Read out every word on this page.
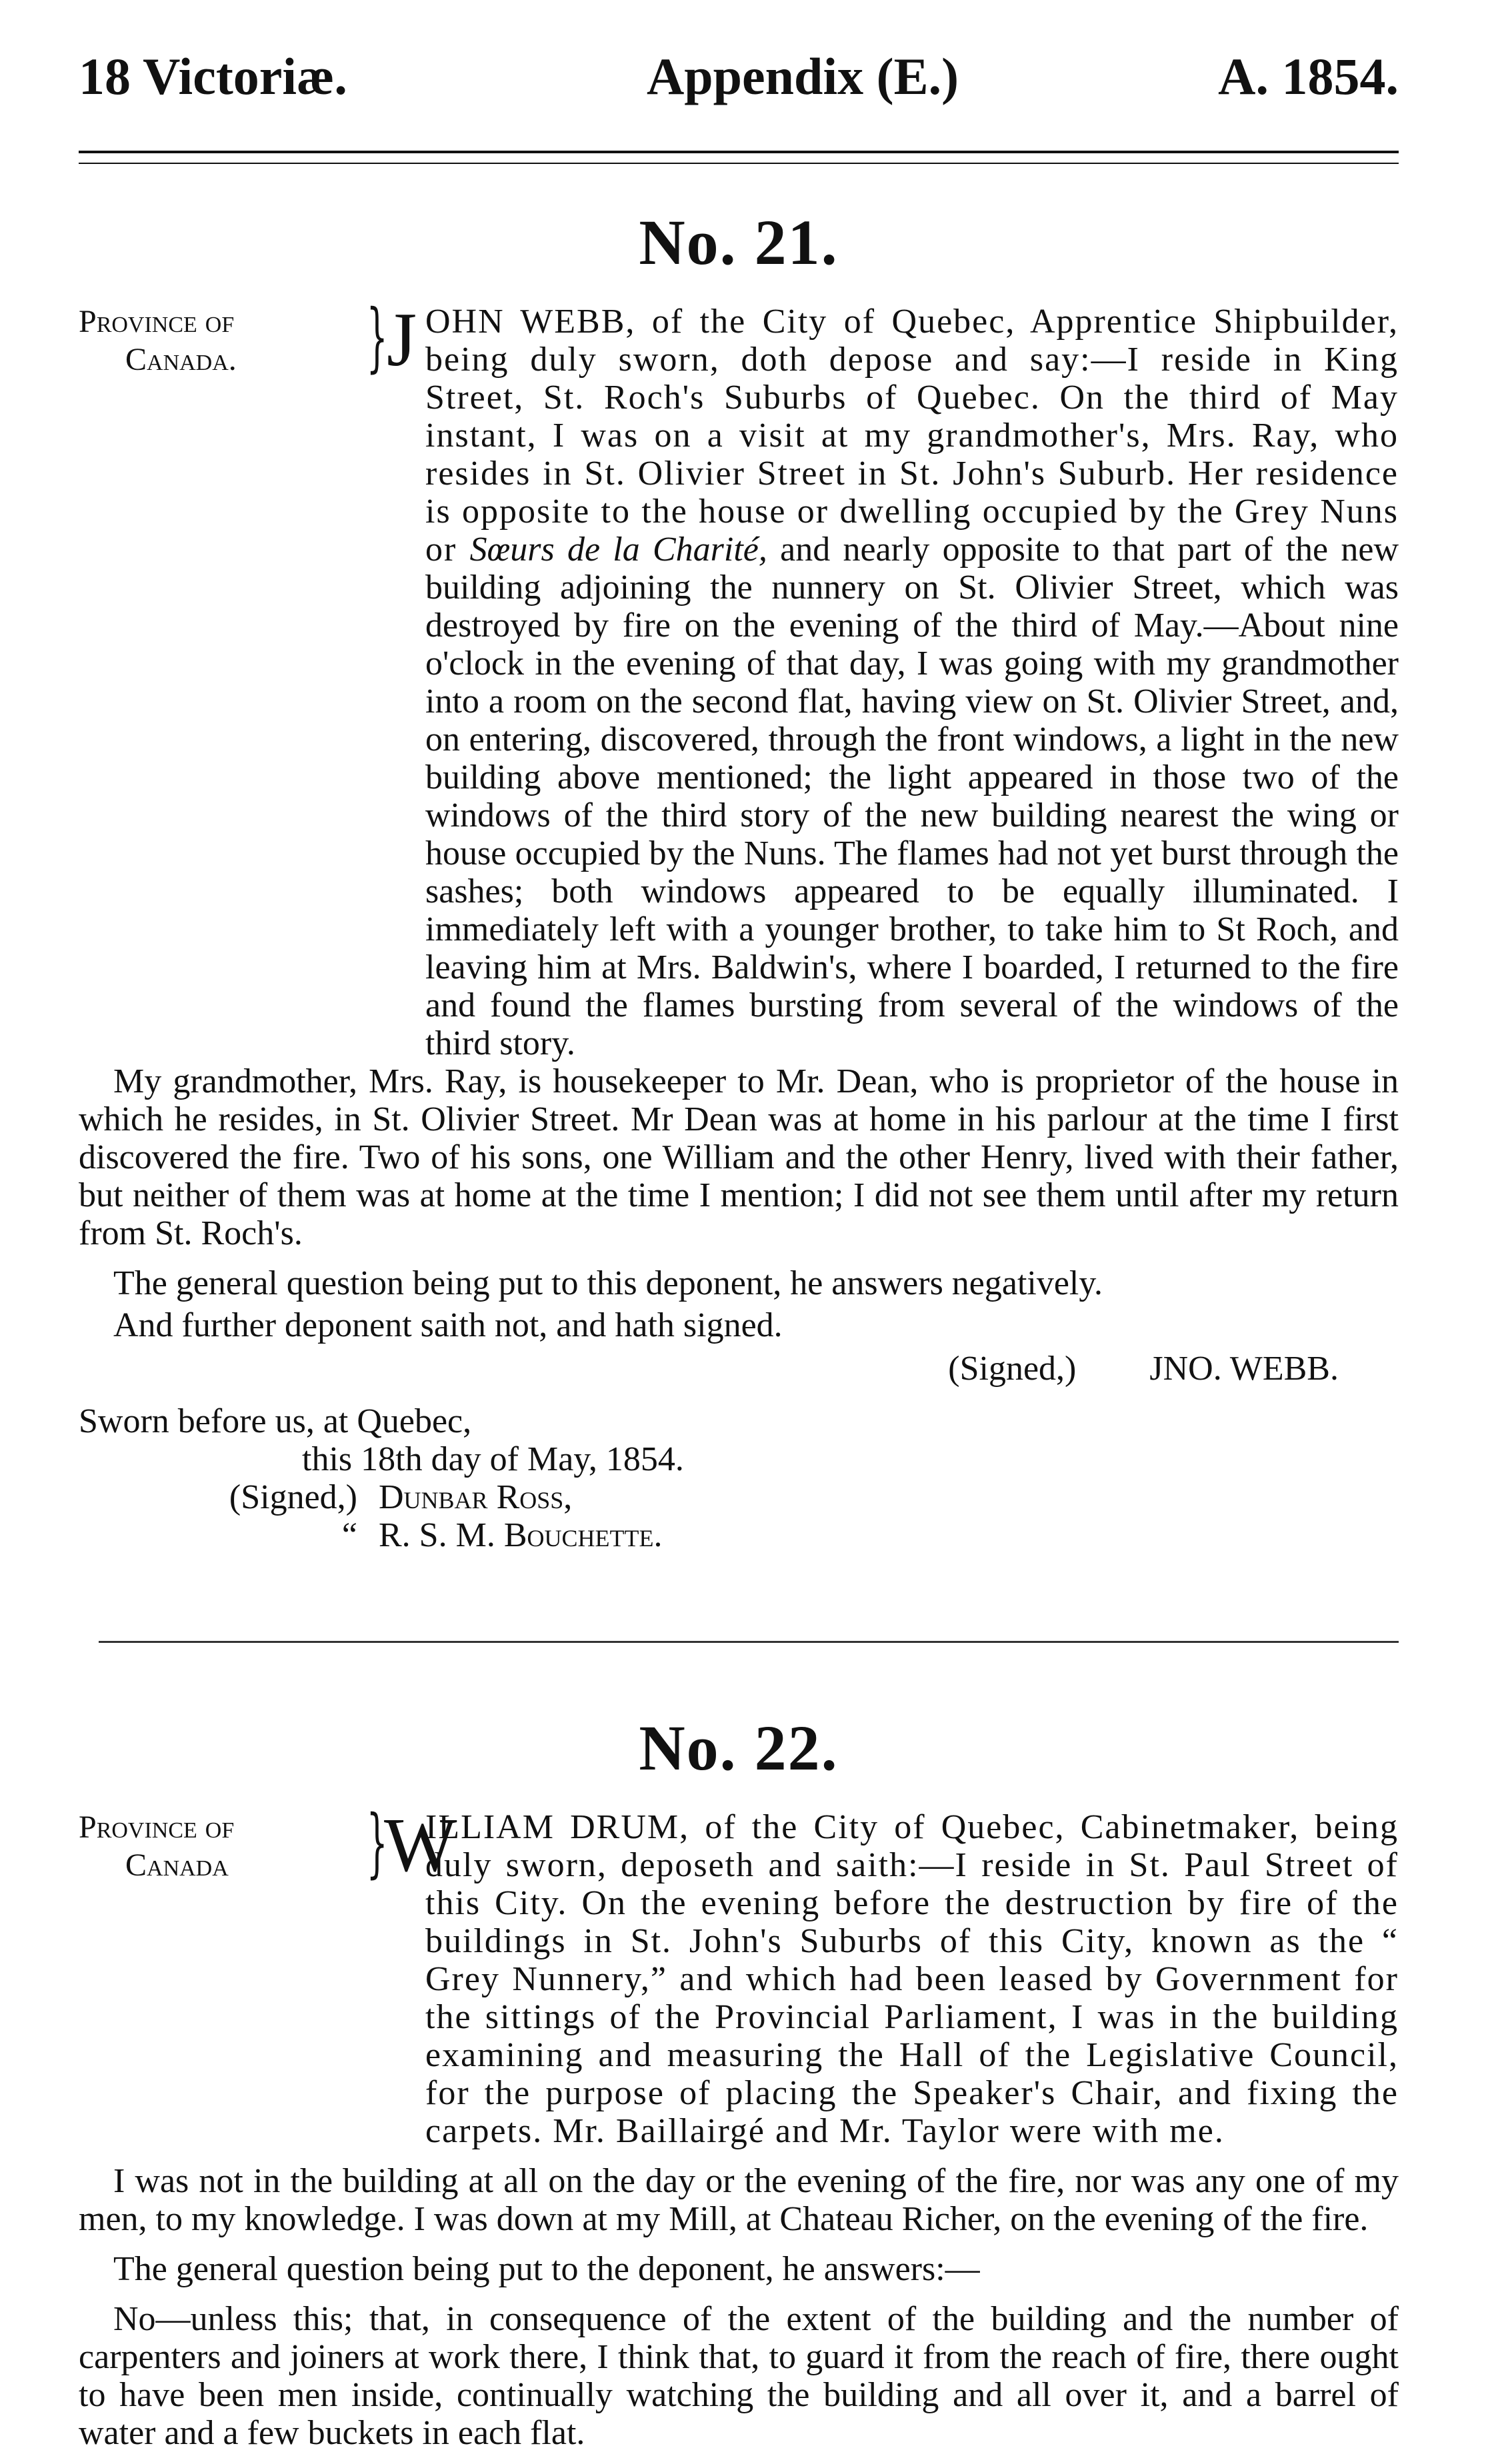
18 Victoriæ.	Appendix (E.)	A. 1854.
No. 21.
Province of
Canada.	}
J OHN WEBB, of the City of Quebec, Apprentice Shipbuilder, being duly sworn, doth depose and say:—I reside in King Street, St. Roch's Suburbs of Quebec. On the third of May instant, I was on a visit at my grandmother's, Mrs. Ray, who resides in St. Olivier Street in St. John's Suburb. Her residence is opposite to the house or dwelling occupied by the Grey Nuns or Sœurs de la Charité, and nearly opposite to that part of the new building adjoining the nunnery on St. Olivier Street, which was destroyed by fire on the evening of the third of May.—About nine o'clock in the evening of that day, I was going with my grandmother into a room on the second flat, having view on St. Olivier Street, and, on entering, discovered, through the front windows, a light in the new building above mentioned; the light appeared in those two of the windows of the third story of the new building nearest the wing or house occupied by the Nuns. The flames had not yet burst through the sashes; both windows appeared to be equally illuminated. I immediately left with a younger brother, to take him to St Roch, and leaving him at Mrs. Baldwin's, where I boarded, I returned to the fire and found the flames bursting from several of the windows of the third story.

My grandmother, Mrs. Ray, is housekeeper to Mr. Dean, who is proprietor of the house in which he resides, in St. Olivier Street. Mr Dean was at home in his parlour at the time I first discovered the fire. Two of his sons, one William and the other Henry, lived with their father, but neither of them was at home at the time I mention; I did not see them until after my return from St. Roch's.

The general question being put to this deponent, he answers negatively.

And further deponent saith not, and hath signed.

(Signed,) JNO. WEBB.
Sworn before us, at Quebec,
this 18th day of May, 1854.
(Signed,) Dunbar Ross,
“ R. S. M. Bouchette.
No. 22.
Province of
Canada	}
W

ILLIAM DRUM, of the City of Quebec, Cabinetmaker, being duly sworn, deposeth and saith:—I reside in St. Paul Street of this City. On the evening before the destruction by fire of the buildings in St. John's Suburbs of this City, known as the “ Grey Nunnery,” and which had been leased by Government for the sittings of the Provincial Parliament, I was in the building examining and measuring the Hall of the Legislative Council, for the purpose of placing the Speaker's Chair, and fixing the carpets. Mr. Baillairgé and Mr. Taylor were with me.

I was not in the building at all on the day or the evening of the fire, nor was any one of my men, to my knowledge. I was down at my Mill, at Chateau Richer, on the evening of the fire.

The general question being put to the deponent, he answers:—

No—unless this; that, in consequence of the extent of the building and the number of carpenters and joiners at work there, I think that, to guard it from the reach of fire, there ought to have been men inside, continually watching the building and all over it, and a barrel of water and a few buckets in each flat.
